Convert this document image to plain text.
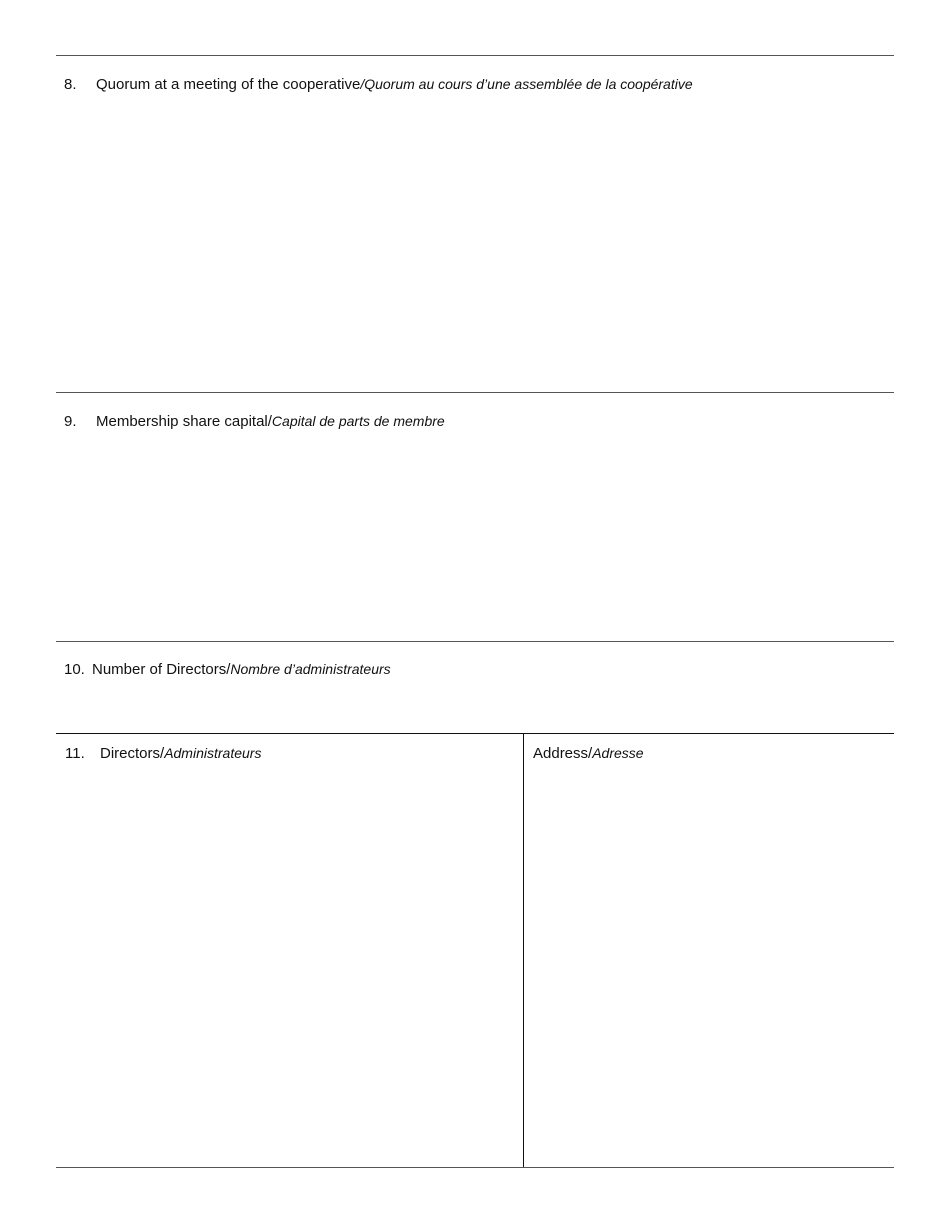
8. Quorum at a meeting of the cooperative/Quorum au cours d’une assemblée de la coopérative
9. Membership share capital/Capital de parts de membre
10. Number of Directors/Nombre d’administrateurs
11. Directors/Administrateurs	Address/Adresse
